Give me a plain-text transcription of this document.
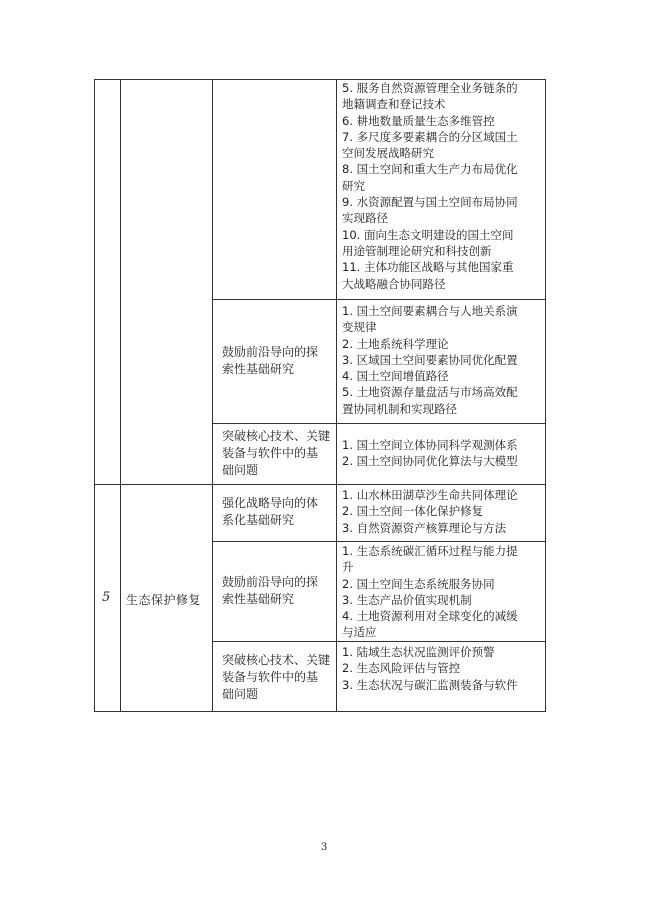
5. 服务自然资源管理全业务链条的
地籍调查和登记技术
6. 耕地数量质量生态多维管控
7. 多尺度多要素耦合的分区域国土
空间发展战略研究
8. 国土空间和重大生产力布局优化
研究
9. 水资源配置与国土空间布局协同
实现路径
10. 面向生态文明建设的国土空间
用途管制理论研究和科技创新
11. 主体功能区战略与其他国家重
大战略融合协同路径
鼓励前沿导向的探
索性基础研究
1. 国土空间要素耦合与人地关系演
变规律
2. 土地系统科学理论
3. 区域国土空间要素协同优化配置
4. 国土空间增值路径
5. 土地资源存量盘活与市场高效配
置协同机制和实现路径
突破核心技术、关键
装备与软件中的基
础问题
1. 国土空间立体协同科学观测体系
2. 国土空间协同优化算法与大模型
5 生态保护修复
强化战略导向的体
系化基础研究
1. 山水林田湖草沙生命共同体理论
2. 国土空间一体化保护修复
3. 自然资源资产核算理论与方法
鼓励前沿导向的探
索性基础研究
1. 生态系统碳汇循环过程与能力提
升
2. 国土空间生态系统服务协同
3. 生态产品价值实现机制
4. 土地资源利用对全球变化的减缓
与适应
突破核心技术、关键
装备与软件中的基
础问题
1. 陆域生态状况监测评价预警
2. 生态风险评估与管控
3. 生态状况与碳汇监测装备与软件
3
